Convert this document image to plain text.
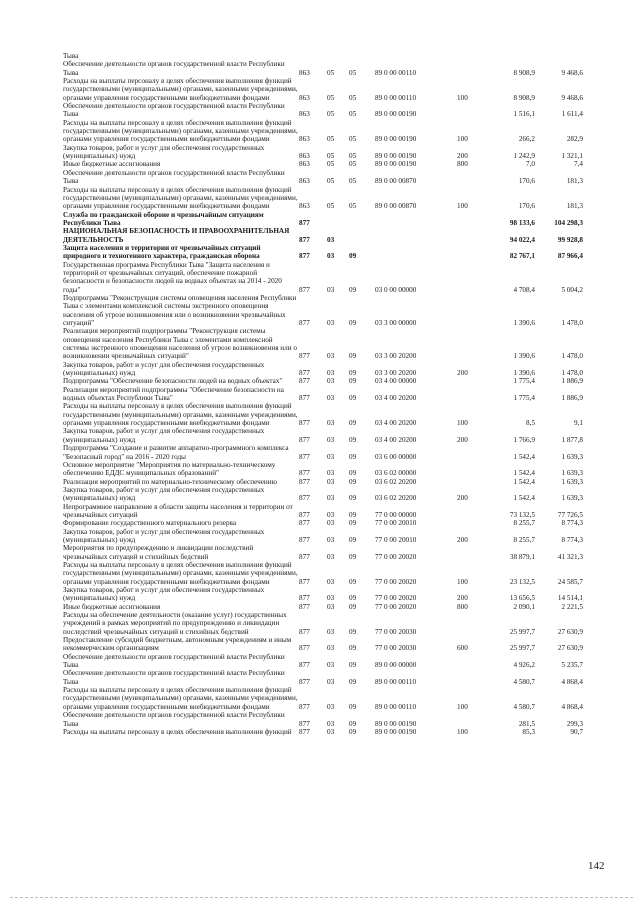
Тыва							
Обеспечение деятельности органов государственной власти Республики Тыва	863	05	05	89 0 00 00110		8 908,9	9 468,6
Расходы на выплаты персоналу в целях обеспечения выполнения функций государственными (муниципальными) органами, казенными учреждениями, органами управления государственными внебюджетными фондами	863	05	05	89 0 00 00110	100	8 908,9	9 468,6
Обеспечение деятельности органов государственной власти Республики Тыва	863	05	05	89 0 00 00190		1 516,1	1 611,4
Расходы на выплаты персоналу в целях обеспечения выполнения функций государственными (муниципальными) органами, казенными учреждениями, органами управления государственными внебюджетными фондами	863	05	05	89 0 00 00190	100	266,2	282,9
Закупка товаров, работ и услуг для обеспечения государственных (муниципальных) нужд	863	05	05	89 0 00 00190	200	1 242,9	1 321,1
Иные бюджетные ассигнования	863	05	05	89 0 00 00190	800	7,0	7,4
Обеспечение деятельности органов государственной власти Республики Тыва	863	05	05	89 0 00 00870		170,6	181,3
Расходы на выплаты персоналу в целях обеспечения выполнения функций государственными (муниципальными) органами, казенными учреждениями, органами управления государственными внебюджетными фондами	863	05	05	89 0 00 00870	100	170,6	181,3
Служба по гражданской обороне и чрезвычайным ситуациям Республики Тыва	877					98 133,6	104 298,3
НАЦИОНАЛЬНАЯ БЕЗОПАСНОСТЬ И ПРАВООХРАНИТЕЛЬНАЯ ДЕЯТЕЛЬНОСТЬ	877	03				94 022,4	99 928,8
Защита населения и территории от чрезвычайных ситуаций природного и техногенного характера, гражданская оборона	877	03	09			82 767,1	87 966,4
Государственная программа Республики Тыва "Защита населения и территорий от чрезвычайных ситуаций, обеспечение пожарной безопасности и безопасности людей на водных объектах на 2014 - 2020 годы"	877	03	09	03 0 00 00000		4 708,4	5 004,2
Подпрограмма "Реконструкция системы оповещения населения Республики Тыва с элементами комплексной системы экстренного оповещения населения об угрозе возникновения или о возникновении чрезвычайных ситуаций"	877	03	09	03 3 00 00000		1 390,6	1 478,0
Реализация мероприятий подпрограммы "Реконструкция системы оповещения населения Республики Тыва с элементами комплексной системы экстренного оповещения населения об угрозе возникновения или о возникновении чрезвычайных ситуаций"	877	03	09	03 3 00 20200		1 390,6	1 478,0
Закупка товаров, работ и услуг для обеспечения государственных (муниципальных) нужд	877	03	09	03 3 00 20200	200	1 390,6	1 478,0
Подпрограмма "Обеспечение безопасности людей на водных объектах"	877	03	09	03 4 00 00000		1 775,4	1 886,9
Реализация мероприятий подпрограммы "Обеспечение безопасности на водных объектах Республики Тыва"	877	03	09	03 4 00 20200		1 775,4	1 886,9
Расходы на выплаты персоналу в целях обеспечения выполнения функций государственными (муниципальными) органами, казенными учреждениями, органами управления государственными внебюджетными фондами	877	03	09	03 4 00 20200	100	8,5	9,1
Закупка товаров, работ и услуг для обеспечения государственных (муниципальных) нужд	877	03	09	03 4 00 20200	200	1 766,9	1 877,8
Подпрограмма "Создание и развитие аппаратно-программного комплекса "Безопасный город" на 2016 - 2020 годы	877	03	09	03 6 00 00000		1 542,4	1 639,3
Основное мероприятие "Мероприятия по материально-техническому обеспечению ЕДДС муниципальных образований"	877	03	09	03 6 02 00000		1 542,4	1 639,3
Реализация мероприятий по материально-техническому обеспечению	877	03	09	03 6 02 20200		1 542,4	1 639,3
Закупка товаров, работ и услуг для обеспечения государственных (муниципальных) нужд	877	03	09	03 6 02 20200	200	1 542,4	1 639,3
Непрограммное направление в области защиты населения и территории от чрезвычайных ситуаций	877	03	09	77 0 00 00000		73 132,5	77 726,5
Формирование государственного материального резерва	877	03	09	77 0 00 20010		8 255,7	8 774,3
Закупка товаров, работ и услуг для обеспечения государственных (муниципальных) нужд	877	03	09	77 0 00 20010	200	8 255,7	8 774,3
Мероприятия по предупреждению и ликвидации последствий чрезвычайных ситуаций и стихийных бедствий	877	03	09	77 0 00 20020		38 879,1	41 321,3
Расходы на выплаты персоналу в целях обеспечения выполнения функций государственными (муниципальными) органами, казенными учреждениями, органами управления государственными внебюджетными фондами	877	03	09	77 0 00 20020	100	23 132,5	24 585,7
Закупка товаров, работ и услуг для обеспечения государственных (муниципальных) нужд	877	03	09	77 0 00 20020	200	13 656,5	14 514,1
Иные бюджетные ассигнования	877	03	09	77 0 00 20020	800	2 090,1	2 221,5
Расходы на обеспечение деятельности (оказание услуг) государственных учреждений в рамках мероприятий по предупреждению и ликвидации последствий чрезвычайных ситуаций и стихийных бедствий	877	03	09	77 0 00 20030		25 997,7	27 630,9
Предоставление субсидий бюджетным, автономным учреждениям и иным некоммерческим организациям	877	03	09	77 0 00 20030	600	25 997,7	27 630,9
Обеспечение деятельности органов государственной власти Республики Тыва	877	03	09	89 0 00 00000		4 926,2	5 235,7
Обеспечение деятельности органов государственной власти Республики Тыва	877	03	09	89 0 00 00110		4 580,7	4 868,4
Расходы на выплаты персоналу в целях обеспечения выполнения функций государственными (муниципальными) органами, казенными учреждениями, органами управления государственными внебюджетными фондами	877	03	09	89 0 00 00110	100	4 580,7	4 868,4
Обеспечение деятельности органов государственной власти Республики Тыва	877	03	09	89 0 00 00190		281,5	299,3
Расходы на выплаты персоналу в целях обеспечения выполнения функций	877	03	09	89 0 00 00190	100	85,3	90,7
142
